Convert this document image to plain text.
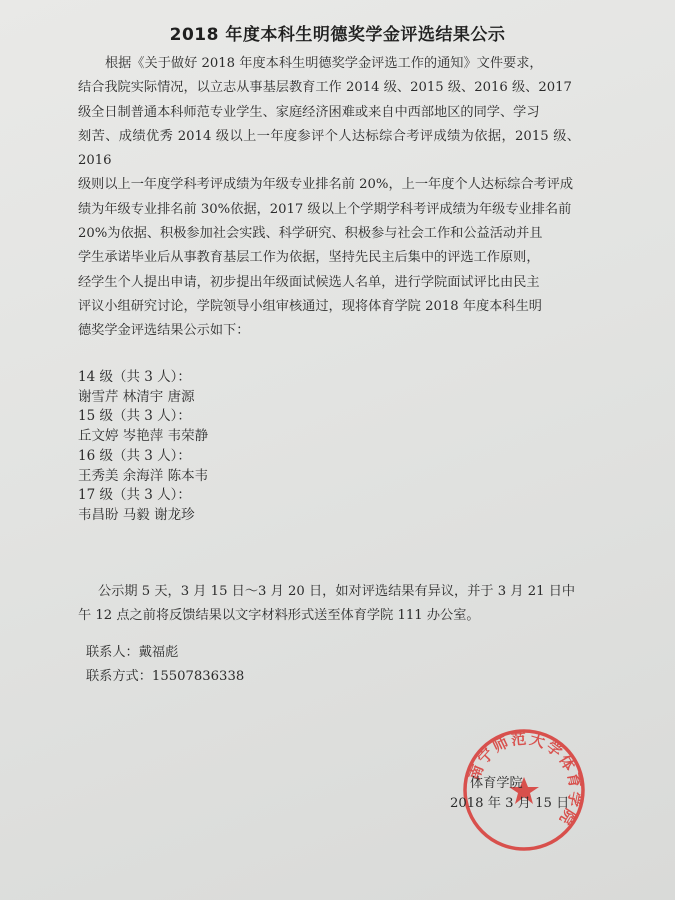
2018 年度本科生明德奖学金评选结果公示

根据《关于做好 2018 年度本科生明德奖学金评选工作的通知》文件要求，

结合我院实际情况，以立志从事基层教育工作 2014 级、2015 级、2016 级、2017

级全日制普通本科师范专业学生、家庭经济困难或来自中西部地区的同学、学习

刻苦、成绩优秀 2014 级以上一年度参评个人达标综合考评成绩为依据，2015 级、2016

级则以上一年度学科考评成绩为年级专业排名前 20%，上一年度个人达标综合考评成

绩为年级专业排名前 30%依据，2017 级以上个学期学科考评成绩为年级专业排名前

20%为依据、积极参加社会实践、科学研究、积极参与社会工作和公益活动并且

学生承诺毕业后从事教育基层工作为依据，坚持先民主后集中的评选工作原则，

经学生个人提出申请，初步提出年级面试候选人名单，进行学院面试评比由民主

评议小组研究讨论，学院领导小组审核通过，现将体育学院 2018 年度本科生明

德奖学金评选结果公示如下：

14 级（共 3 人）：

谢雪芹 林清宇 唐源

15 级（共 3 人）：

丘文婷 岑艳萍 韦荣静

16 级（共 3 人）：

王秀美 余海洋 陈本韦

17 级（共 3 人）：

韦昌盼 马毅 谢龙珍

公示期 5 天，3 月 15 日～3 月 20 日，如对评选结果有异议，并于 3 月 21 日中午 12 点之前将反馈结果以文字材料形式送至体育学院 111 办公室。
联系人：戴福彪
联系方式：15507836338
南宁师范大学体育学院
体育学院
2018 年 3 月 15 日
